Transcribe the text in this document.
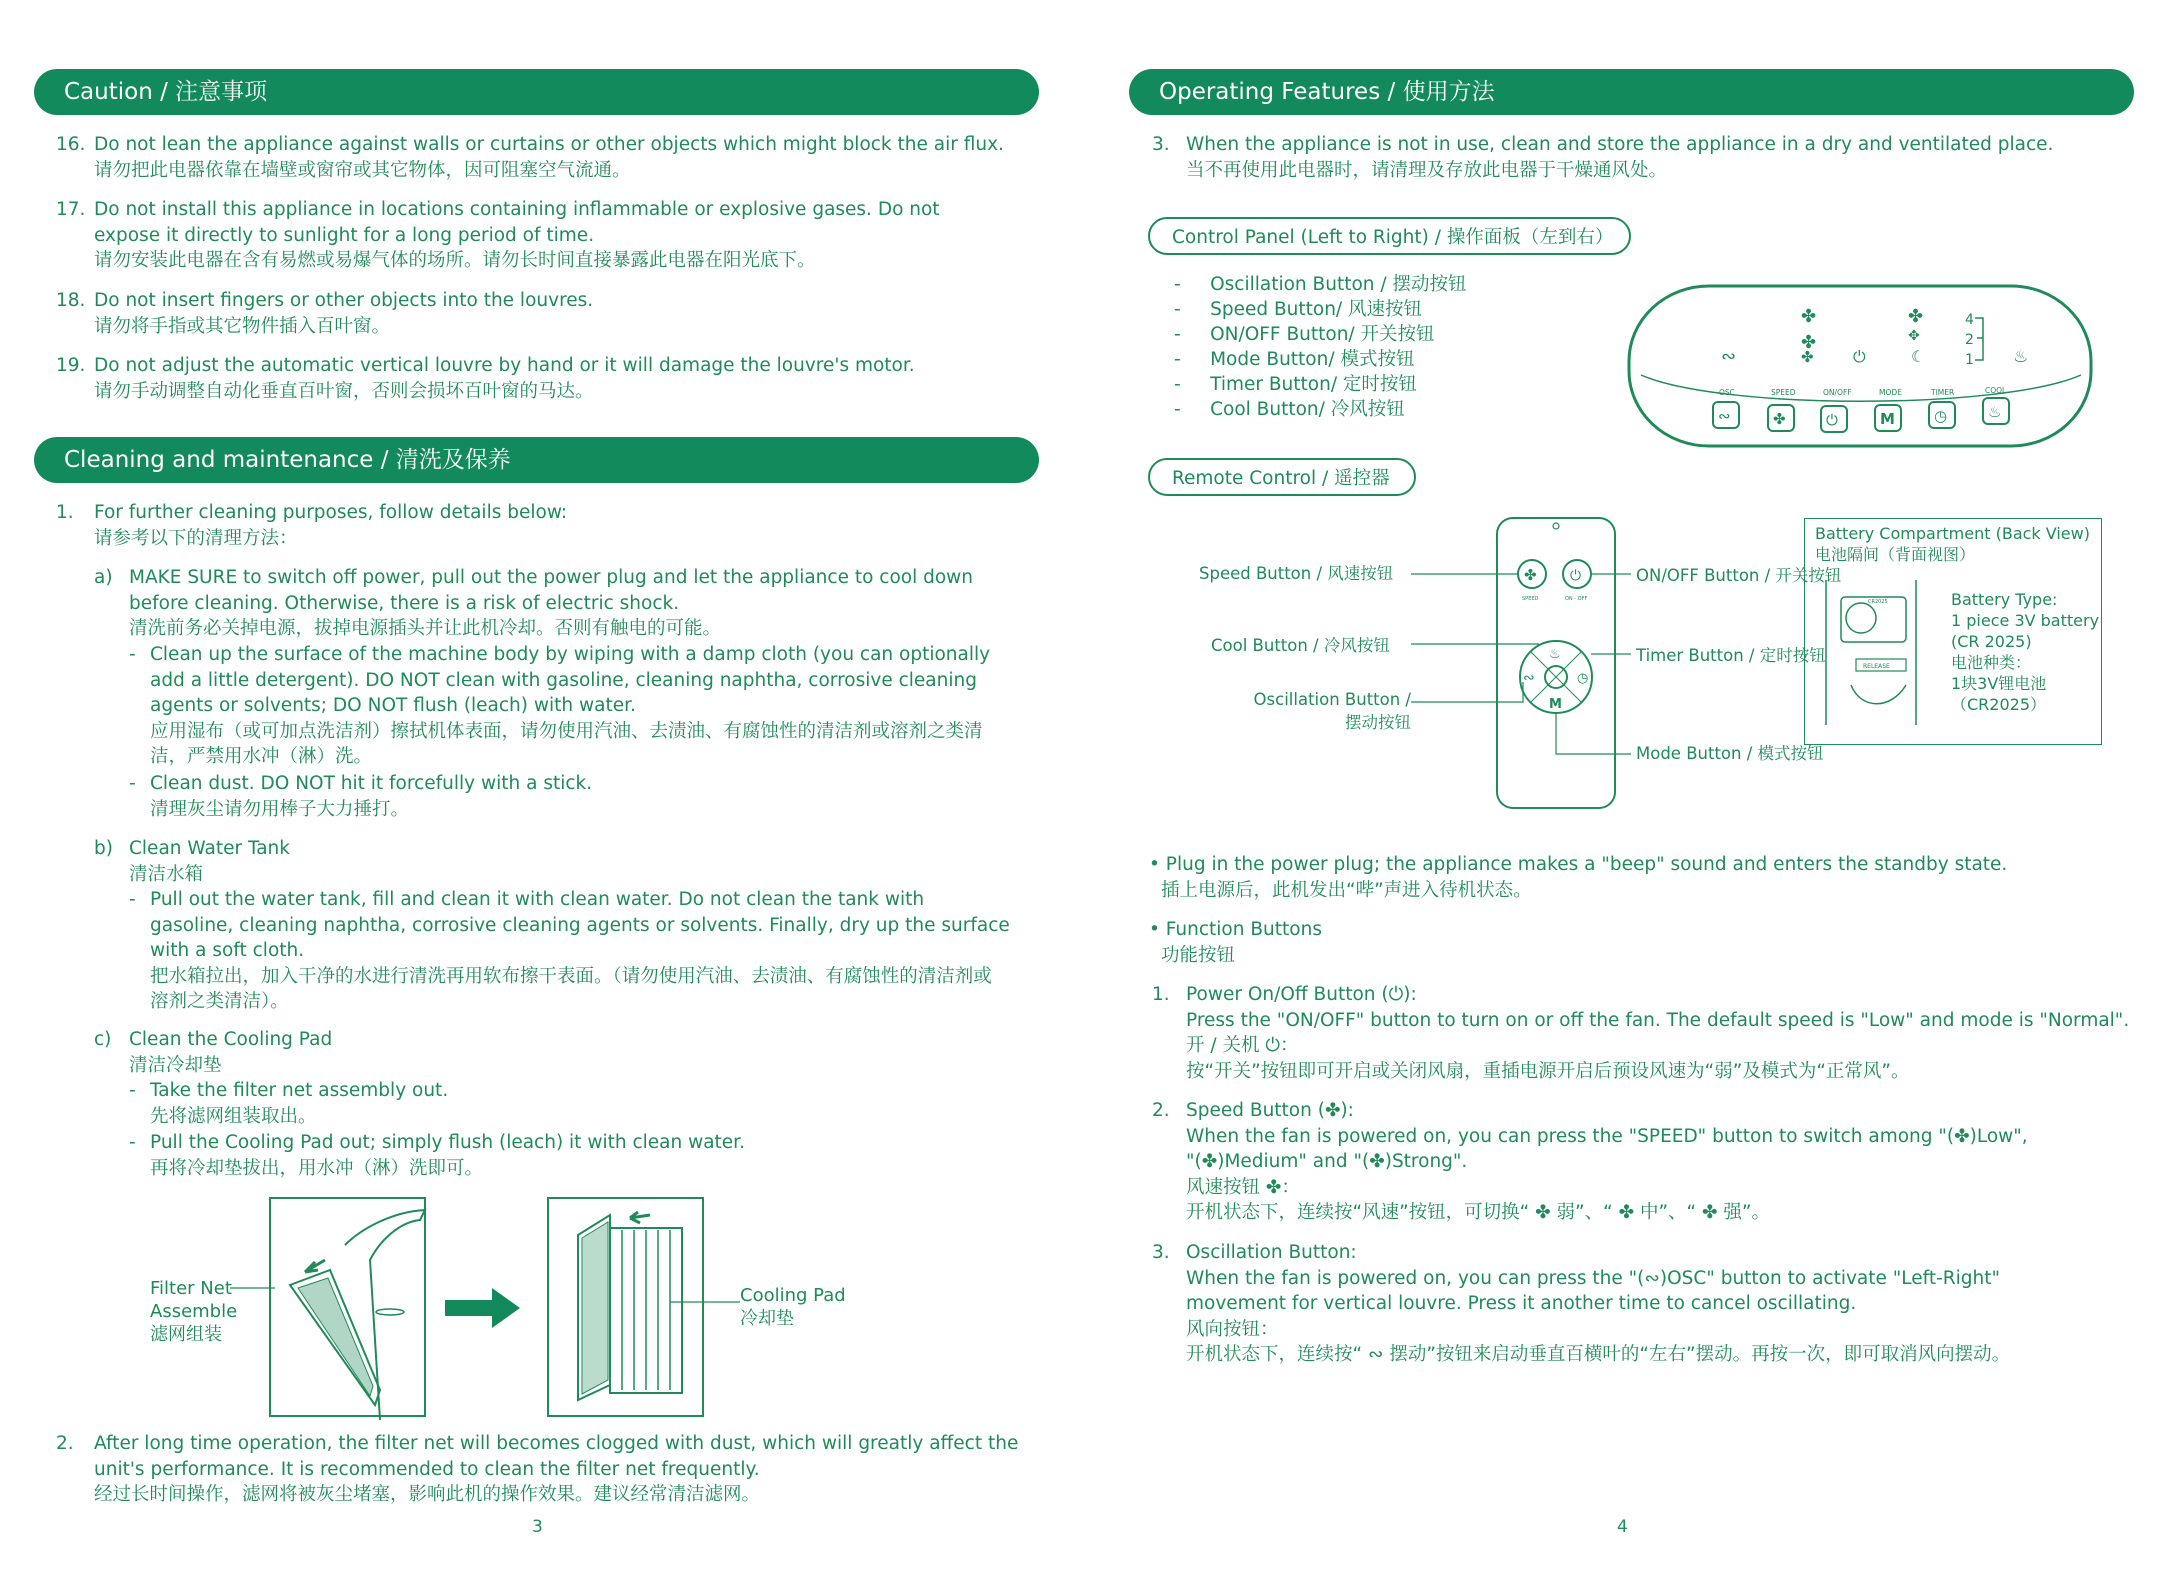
Caution / 注意事项
16. Do not lean the appliance against walls or curtains or other objects which might block the air flux.

请勿把此电器依靠在墙壁或窗帘或其它物体，因可阻塞空气流通。

17. Do not install this appliance in locations containing inflammable or explosive gases. Do not expose it directly to sunlight for a long period of time.

请勿安装此电器在含有易燃或易爆气体的场所。请勿长时间直接暴露此电器在阳光底下。

18. Do not insert fingers or other objects into the louvres.

请勿将手指或其它物件插入百叶窗。

19. Do not adjust the automatic vertical louvre by hand or it will damage the louvre's motor.

请勿手动调整自动化垂直百叶窗，否则会损坏百叶窗的马达。

Cleaning and maintenance / 清洗及保养
1. For further cleaning purposes, follow details below:

请参考以下的清理方法：

a) MAKE SURE to switch off power, pull out the power plug and let the appliance to cool down before cleaning. Otherwise, there is a risk of electric shock.

清洗前务必关掉电源，拔掉电源插头并让此机冷却。否则有触电的可能。

- Clean up the surface of the machine body by wiping with a damp cloth (you can optionally add a little detergent). DO NOT clean with gasoline, cleaning naphtha, corrosive cleaning agents or solvents; DO NOT flush (leach) with water.

应用湿布（或可加点洗洁剂）擦拭机体表面，请勿使用汽油、去渍油、有腐蚀性的清洁剂或溶剂之类清洁，严禁用水冲（淋）洗。

- Clean dust. DO NOT hit it forcefully with a stick.

清理灰尘请勿用棒子大力捶打。

b) Clean Water Tank

清洁水箱

- Pull out the water tank, fill and clean it with clean water. Do not clean the tank with gasoline, cleaning naphtha, corrosive cleaning agents or solvents. Finally, dry up the surface with a soft cloth.

把水箱拉出，加入干净的水进行清洗再用软布擦干表面。（请勿使用汽油、去渍油、有腐蚀性的清洁剂或溶剂之类清洁）。

c) Clean the Cooling Pad

清洁冷却垫

- Take the filter net assembly out.

先将滤网组装取出。

- Pull the Cooling Pad out; simply flush (leach) it with clean water.

再将冷却垫拔出，用水冲（淋）洗即可。

Filter Net
Assemble
滤网组装
Cooling Pad
冷却垫
2. After long time operation, the filter net will becomes clogged with dust, which will greatly affect the unit's performance. It is recommended to clean the filter net frequently.

经过长时间操作，滤网将被灰尘堵塞，影响此机的操作效果。建议经常清洁滤网。

3
Operating Features / 使用方法
3. When the appliance is not in use, clean and store the appliance in a dry and ventilated place.

当不再使用此电器时，请清理及存放此电器于干燥通风处。

Control Panel (Left to Right) / 操作面板（左到右）

-     Oscillation Button / 摆动按钮

-     Speed Button/ 风速按钮

-     ON/OFF Button/ 开关按钮

-     Mode Button/ 模式按钮

-     Timer Button/ 定时按钮

-     Cool Button/ 冷风按钮

✤
✤
∾	✤ ⏻
✤
✥
☾	♨
4
2
1
OSC	SPEED	ON/OFF	MODE	TIMER	COOL
∾	✤	⏻	M	◷	♨
Remote Control / 遥控器
✤ ⏻
SPEED	ON - OFF
♨
∾	◷
M
Speed Button / 风速按钮	ON/OFF Button / 开关按钮
Cool Button / 冷风按钮
Timer Button / 定时按钮
Oscillation Button /
摆动按钮
Mode Button / 模式按钮
Battery Compartment (Back View)
电池隔间（背面视图）
CR2025
RELEASE
Battery Type:
1 piece 3V battery
(CR 2025)
电池种类：
1块3V锂电池
（CR2025）

• Plug in the power plug; the appliance makes a "beep" sound and enters the standby state.

插上电源后，此机发出“哔”声进入待机状态。

• Function Buttons

功能按钮

1. Power On/Off Button (⏻):

Press the "ON/OFF" button to turn on or off the fan. The default speed is "Low" and mode is "Normal".

开 / 关机 ⏻：

按“开关”按钮即可开启或关闭风扇，重插电源开启后预设风速为“弱”及模式为“正常风”。

2. Speed Button (✤):

When the fan is powered on, you can press the "SPEED" button to switch among "(✤)Low",

"(✤)Medium" and "(✤)Strong".

风速按钮 ✤：

开机状态下，连续按“风速”按钮，可切换“ ✤ 弱”、“ ✤ 中”、“ ✤ 强”。

3. Oscillation Button:

When the fan is powered on, you can press the "(∾)OSC" button to activate "Left-Right" movement for vertical louvre. Press it another time to cancel oscillating.

风向按钮：

开机状态下，连续按“ ∾ 摆动”按钮来启动垂直百横叶的“左右”摆动。再按一次，即可取消风向摆动。

4
